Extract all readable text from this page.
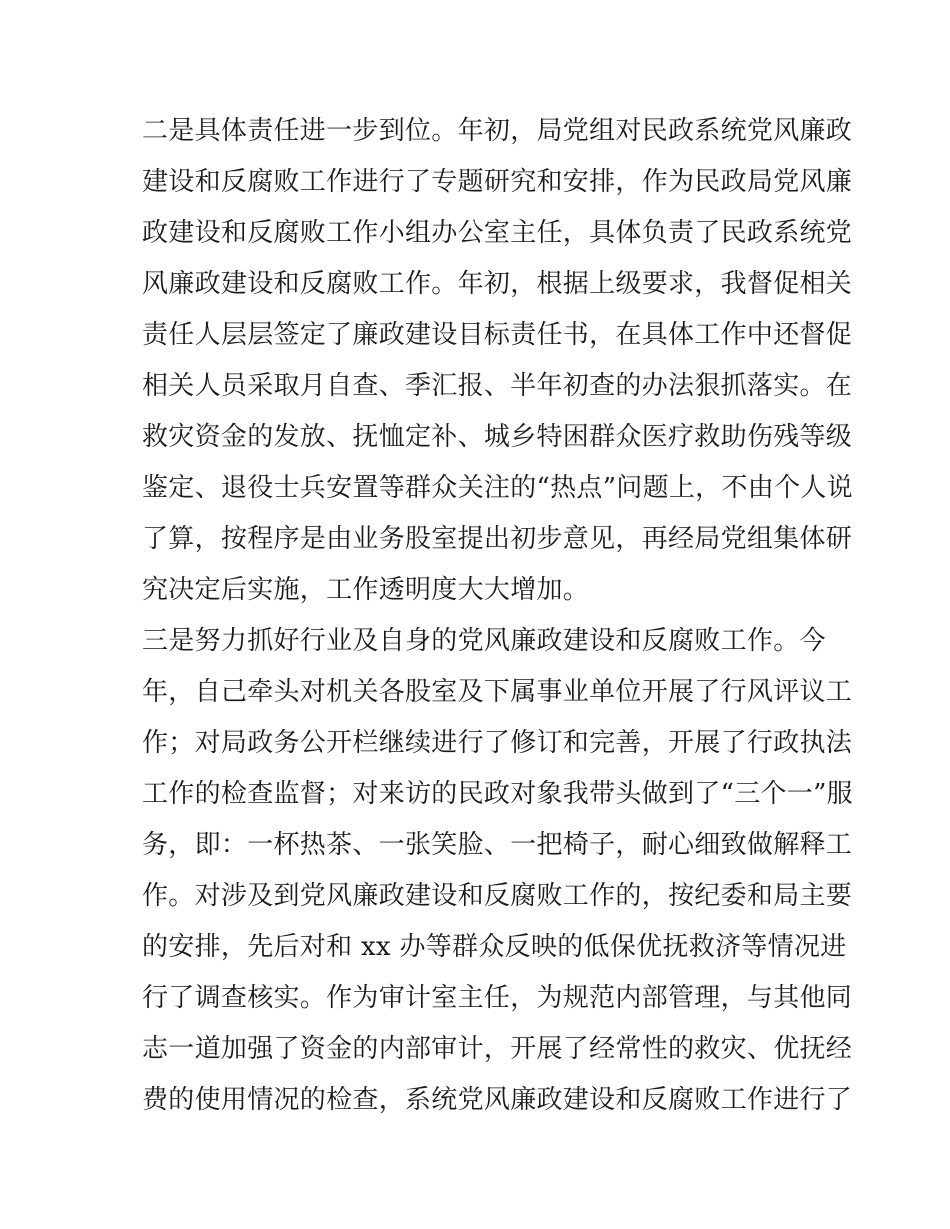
二是具体责任进一步到位。年初，局党组对民政系统党风廉政
建设和反腐败工作进行了专题研究和安排，作为民政局党风廉
政建设和反腐败工作小组办公室主任，具体负责了民政系统党
风廉政建设和反腐败工作。年初，根据上级要求，我督促相关
责任人层层签定了廉政建设目标责任书，在具体工作中还督促
相关人员采取月自查、季汇报、半年初查的办法狠抓落实。在
救灾资金的发放、抚恤定补、城乡特困群众医疗救助伤残等级
鉴定、退役士兵安置等群众关注的“热点”问题上，不由个人说
了算，按程序是由业务股室提出初步意见，再经局党组集体研
究决定后实施，工作透明度大大增加。
三是努力抓好行业及自身的党风廉政建设和反腐败工作。今
年，自己牵头对机关各股室及下属事业单位开展了行风评议工
作；对局政务公开栏继续进行了修订和完善，开展了行政执法
工作的检查监督；对来访的民政对象我带头做到了“三个一”服
务，即：一杯热茶、一张笑脸、一把椅子，耐心细致做解释工
作。对涉及到党风廉政建设和反腐败工作的，按纪委和局主要
的安排，先后对和 xx 办等群众反映的低保优抚救济等情况进
行了调查核实。作为审计室主任，为规范内部管理，与其他同
志一道加强了资金的内部审计，开展了经常性的救灾、优抚经
费的使用情况的检查，系统党风廉政建设和反腐败工作进行了
